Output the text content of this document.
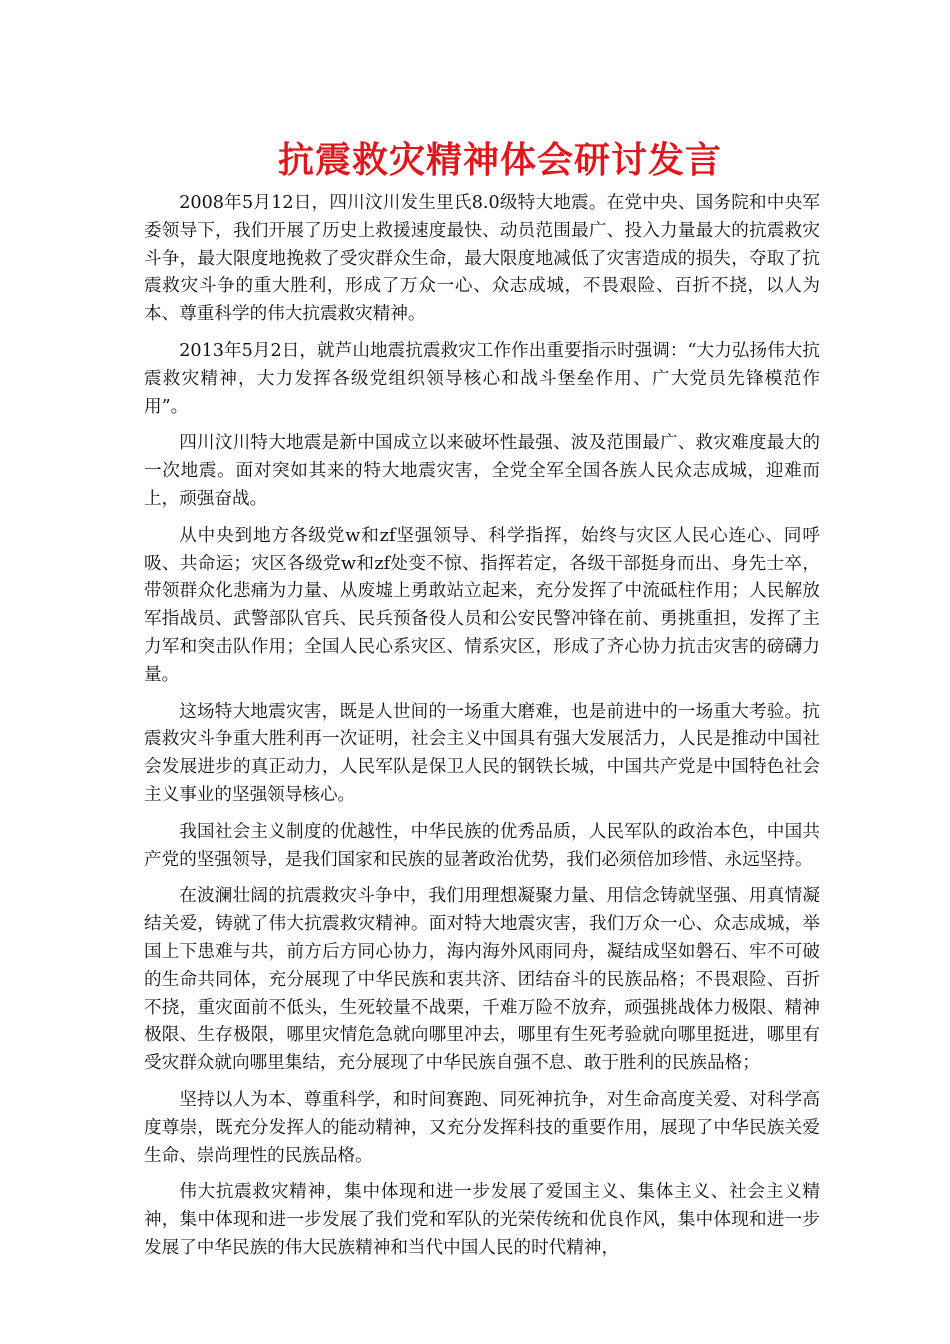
抗震救灾精神体会研讨发言

2008年5月12日，四川汶川发生里氏8.0级特大地震。在党中央、国务院和中央军委领导下，我们开展了历史上救援速度最快、动员范围最广、投入力量最大的抗震救灾斗争，最大限度地挽救了受灾群众生命，最大限度地减低了灾害造成的损失，夺取了抗震救灾斗争的重大胜利，形成了万众一心、众志成城，不畏艰险、百折不挠，以人为本、尊重科学的伟大抗震救灾精神。

2013年5月2日，就芦山地震抗震救灾工作作出重要指示时强调：“大力弘扬伟大抗震救灾精神，大力发挥各级党组织领导核心和战斗堡垒作用、广大党员先锋模范作用”。

四川汶川特大地震是新中国成立以来破坏性最强、波及范围最广、救灾难度最大的一次地震。面对突如其来的特大地震灾害，全党全军全国各族人民众志成城，迎难而上，顽强奋战。

从中央到地方各级党w和zf坚强领导、科学指挥，始终与灾区人民心连心、同呼吸、共命运；灾区各级党w和zf处变不惊、指挥若定，各级干部挺身而出、身先士卒，带领群众化悲痛为力量、从废墟上勇敢站立起来，充分发挥了中流砥柱作用；人民解放军指战员、武警部队官兵、民兵预备役人员和公安民警冲锋在前、勇挑重担，发挥了主力军和突击队作用；全国人民心系灾区、情系灾区，形成了齐心协力抗击灾害的磅礴力量。

这场特大地震灾害，既是人世间的一场重大磨难，也是前进中的一场重大考验。抗震救灾斗争重大胜利再一次证明，社会主义中国具有强大发展活力，人民是推动中国社会发展进步的真正动力，人民军队是保卫人民的钢铁长城，中国共产党是中国特色社会主义事业的坚强领导核心。

我国社会主义制度的优越性，中华民族的优秀品质，人民军队的政治本色，中国共产党的坚强领导，是我们国家和民族的显著政治优势，我们必须倍加珍惜、永远坚持。

在波澜壮阔的抗震救灾斗争中，我们用理想凝聚力量、用信念铸就坚强、用真情凝结关爱，铸就了伟大抗震救灾精神。面对特大地震灾害，我们万众一心、众志成城，举国上下患难与共，前方后方同心协力，海内海外风雨同舟，凝结成坚如磐石、牢不可破的生命共同体，充分展现了中华民族和衷共济、团结奋斗的民族品格；不畏艰险、百折不挠，重灾面前不低头，生死较量不战栗，千难万险不放弃，顽强挑战体力极限、精神极限、生存极限，哪里灾情危急就向哪里冲去，哪里有生死考验就向哪里挺进，哪里有受灾群众就向哪里集结，充分展现了中华民族自强不息、敢于胜利的民族品格；

坚持以人为本、尊重科学，和时间赛跑、同死神抗争，对生命高度关爱、对科学高度尊崇，既充分发挥人的能动精神，又充分发挥科技的重要作用，展现了中华民族关爱生命、崇尚理性的民族品格。

伟大抗震救灾精神，集中体现和进一步发展了爱国主义、集体主义、社会主义精神，集中体现和进一步发展了我们党和军队的光荣传统和优良作风，集中体现和进一步发展了中华民族的伟大民族精神和当代中国人民的时代精神，
